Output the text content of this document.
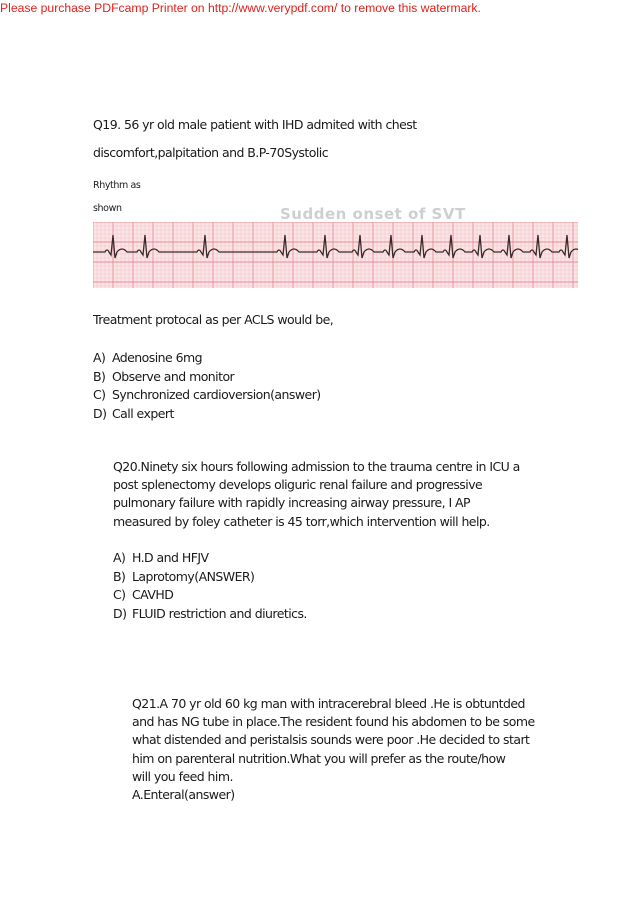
Please purchase PDFcamp Printer on http://www.verypdf.com/ to remove this watermark.
Q19. 56 yr old male patient with IHD admited with chest
discomfort,palpitation and B.P-70Systolic
Rhythm as
shown	Sudden onset of SVT
Treatment protocal as per ACLS would be,
A) Adenosine 6mg
B) Observe and monitor
C) Synchronized cardioversion(answer)
D) Call expert
Q20.Ninety six hours following admission to the trauma centre in ICU a
post splenectomy develops oliguric renal failure and progressive
pulmonary failure with rapidly increasing airway pressure, I AP
measured by foley catheter is 45 torr,which intervention will help.
A) H.D and HFJV
B) Laprotomy(ANSWER)
C) CAVHD
D) FLUID restriction and diuretics.
Q21.A 70 yr old 60 kg man with intracerebral bleed .He is obtuntded
and has NG tube in place.The resident found his abdomen to be some
what distended and peristalsis sounds were poor .He decided to start
him on parenteral nutrition.What you will prefer as the route/how
will you feed him.
A.Enteral(answer)
